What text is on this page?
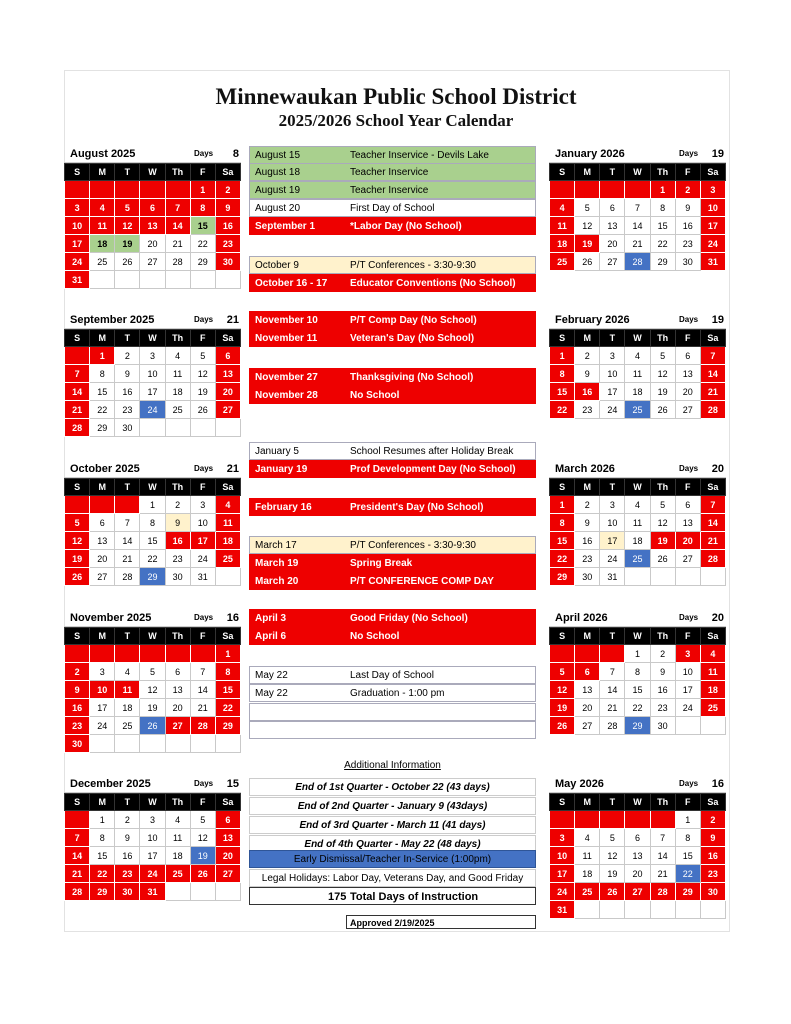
Minnewaukan Public School District
2025/2026 School Year Calendar
August 2025	Days 8
S	M	T	W	Th	F	Sa
					1	2
3	4	5	6	7	8	9
10	11	12	13	14	15	16
17	18	19	20	21	22	23
24	25	26	27	28	29	30
31						
September 2025	Days 21
S	M	T	W	Th	F	Sa
	1	2	3	4	5	6
7	8	9	10	11	12	13
14	15	16	17	18	19	20
21	22	23	24	25	26	27
28	29	30				
October 2025	Days 21
S	M	T	W	Th	F	Sa
			1	2	3	4
5	6	7	8	9	10	11
12	13	14	15	16	17	18
19	20	21	22	23	24	25
26	27	28	29	30	31	
November 2025	Days 16
S	M	T	W	Th	F	Sa
						1
2	3	4	5	6	7	8
9	10	11	12	13	14	15
16	17	18	19	20	21	22
23	24	25	26	27	28	29
30						
December 2025	Days 15
S	M	T	W	Th	F	Sa
	1	2	3	4	5	6
7	8	9	10	11	12	13
14	15	16	17	18	19	20
21	22	23	24	25	26	27
28	29	30	31			
January 2026	Days 19
S	M	T	W	Th	F	Sa
				1	2	3
4	5	6	7	8	9	10
11	12	13	14	15	16	17
18	19	20	21	22	23	24
25	26	27	28	29	30	31
February 2026	Days 19
S	M	T	W	Th	F	Sa
1	2	3	4	5	6	7
8	9	10	11	12	13	14
15	16	17	18	19	20	21
22	23	24	25	26	27	28
March 2026	Days 20
S	M	T	W	Th	F	Sa
1	2	3	4	5	6	7
8	9	10	11	12	13	14
15	16	17	18	19	20	21
22	23	24	25	26	27	28
29	30	31				
April 2026	Days 20
S	M	T	W	Th	F	Sa
			1	2	3	4
5	6	7	8	9	10	11
12	13	14	15	16	17	18
19	20	21	22	23	24	25
26	27	28	29	30		
May 2026	Days 16
S	M	T	W	Th	F	Sa
					1	2
3	4	5	6	7	8	9
10	11	12	13	14	15	16
17	18	19	20	21	22	23
24	25	26	27	28	29	30
31						
August 15	Teacher Inservice - Devils Lake
August 18	Teacher Inservice
August 19	Teacher Inservice
August 20	First Day of School
September 1	*Labor Day (No School)
October 9	P/T Conferences - 3:30-9:30
October 16 - 17 Educator Conventions (No School)
November 10	P/T Comp Day (No School)
November 11	Veteran's Day (No School)
November 27	Thanksgiving (No School)
November 28	No School
January 5	School Resumes after Holiday Break
January 19	Prof Development Day (No School)
February 16	President's Day (No School)
March 17	P/T Conferences - 3:30-9:30
March 19	Spring Break
March 20	P/T CONFERENCE COMP DAY
April 3	Good Friday (No School)
April 6	No School
May 22	Last Day of School
May 22	Graduation - 1:00 pm
Additional Information
End of 1st Quarter - October 22 (43 days)
End of 2nd Quarter - January 9 (43days)
End of 3rd Quarter - March 11 (41 days)
End of 4th Quarter - May 22 (48 days)
Early Dismissal/Teacher In-Service (1:00pm)
Legal Holidays: Labor Day, Veterans Day, and Good Friday
175 Total Days of Instruction
Approved 2/19/2025
